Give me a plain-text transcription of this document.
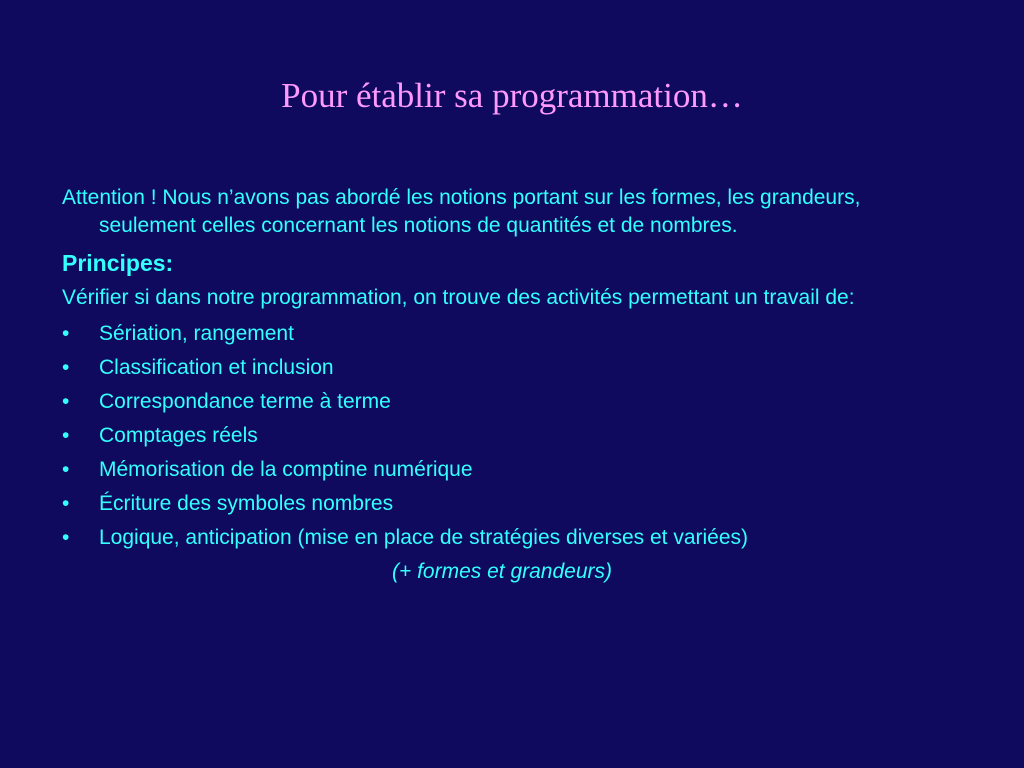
Pour établir sa programmation…

Attention ! Nous n’avons pas abordé les notions portant sur les formes, les grandeurs, seulement celles concernant les notions de quantités et de nombres.

Principes:

Vérifier si dans notre programmation, on trouve des activités permettant un travail de:

•	Sériation, rangement
•	Classification et inclusion
•	Correspondance terme à terme
•	Comptages réels
•	Mémorisation de la comptine numérique
•	Écriture des symboles nombres
•	Logique, anticipation (mise en place de stratégies diverses et variées)

(+ formes et grandeurs)
